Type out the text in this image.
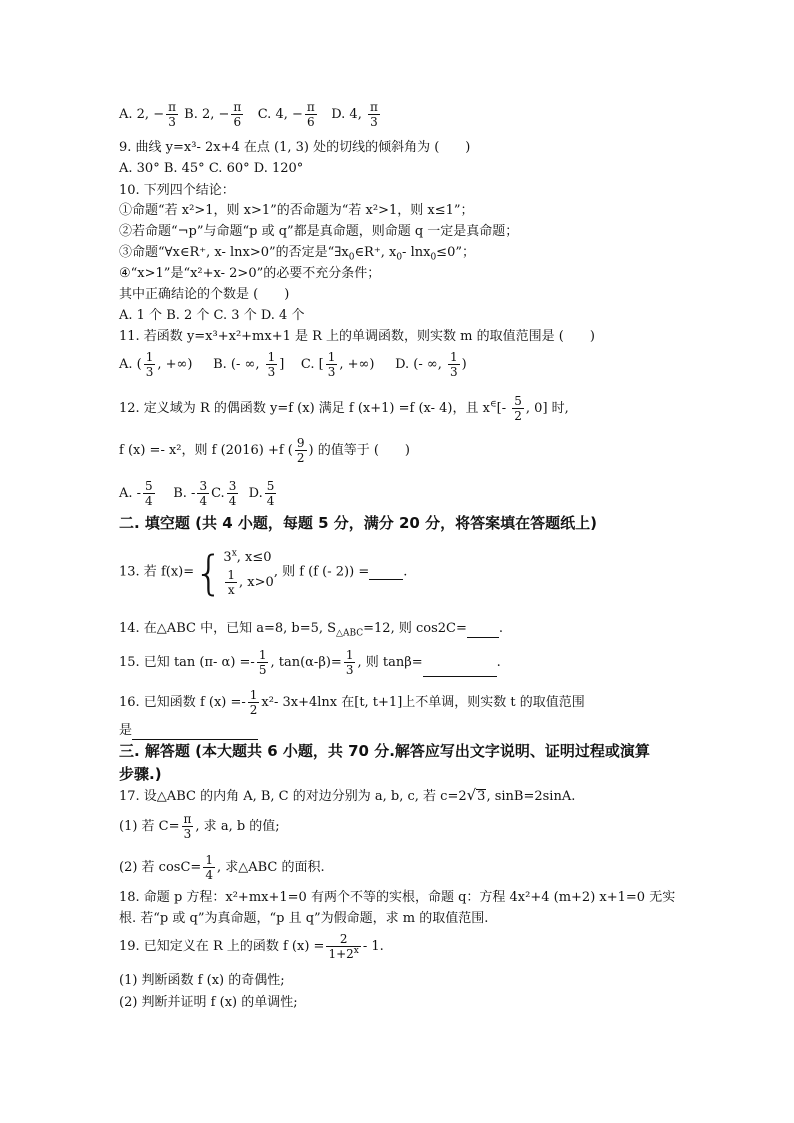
A. 2, − $\frac{\pi}{3} B$. 2, − $\frac{\pi}{6} C$. 4, − $\frac{\pi}{6} D$. 4, $\frac{\pi}{3}$
9. 曲线 y=x³- 2x+4 在点 (1, 3) 处的切线的倾斜角为 (　　)
A. 30° B. 45° C. 60° D. 120°
10. 下列四个结论：
①命题“若 x²>1，则 x>1”的否命题为“若 x²>1，则 x≤1”；
②若命题“¬p”与命题“p 或 q”都是真命题，则命题 q 一定是真命题；
③命题“∀x∈R⁺, x- lnx>0”的否定是“$\exists x_0\in R^+$, $x_0-$ lnx$_0$≤0”；
④“x>1”是“x²+x- 2>0”的必要不充分条件；
其中正确结论的个数是 (　　)
A. 1 个 B. 2 个 C. 3 个 D. 4 个
11. 若函数 y=x³+x²+mx+1 是 R 上的单调函数，则实数 m 的取值范围是 (　　)
A. ( $\frac{1}{3}$ , +∞) B. (- ∞, $\frac{1}{3}$ ] C. [ $\frac{1}{3}$ , +∞) D. (- ∞, $\frac{1}{3}$ )
12. 定义域为 R 的偶函数 y=f (x) 满足 f (x+1) =f (x- 4)，且 $x^\in[- \frac{5}{2}$ , 0] 时,
f (x) =- x²，则 f (2016) +f ( $\frac{9}{2}$ ) 的值等于 (　　)
A. - $\frac{5}{4} B$. - $\frac{3}{4} C$. $\frac{3}{4} D$. $\frac{5}{4}$
二. 填空题 (共 4 小题，每题 5 分，满分 20 分，将答案填在答题纸上)
13. 若 f(x)={ 3$^x$, x≤0
$\frac{1}{x}$ , x>0
, 则 f (f (- 2)) =	.
14. 在△ABC 中，已知 a=8, b=5, $S_{\triangle ABC}=12$, 则 cos2C= .
15. 已知 tan (π- $\alpha) =- \frac{1}{5}$ , $\tan(\alpha-\beta)= \frac{1}{3}$ , 则 tanβ=	.
16. 已知函数 f $(x) =- \frac{1}{2} x^2-$ 3x+4lnx 在[t, t+1]上不单调，则实数 t 的取值范围
是
三. 解答题 (本大题共 6 小题，共 70 分.解答应写出文字说明、证明过程或演算
步骤.)
17. 设△ABC 的内角 A, B, C 的对边分别为 a, b, c, 若 c=2√3, sinB=2sinA.
(1) 若 $C= \frac{\pi}{3}$ , 求 a, b 的值;
(2) 若 $\cos C= \frac{1}{4}$ , 求△ABC 的面积.
18. 命题 p 方程：x²+mx+1=0 有两个不等的实根，命题 q：方程 4x²+4 (m+2) x+1=0 无实
根. 若“p 或 q”为真命题，“p 且 q”为假命题，求 m 的取值范围.
19. 已知定义在 R 上的函数 f $(x) = \frac{2}{1+2^x} - 1$.
(1) 判断函数 f (x) 的奇偶性;
(2) 判断并证明 f (x) 的单调性;
